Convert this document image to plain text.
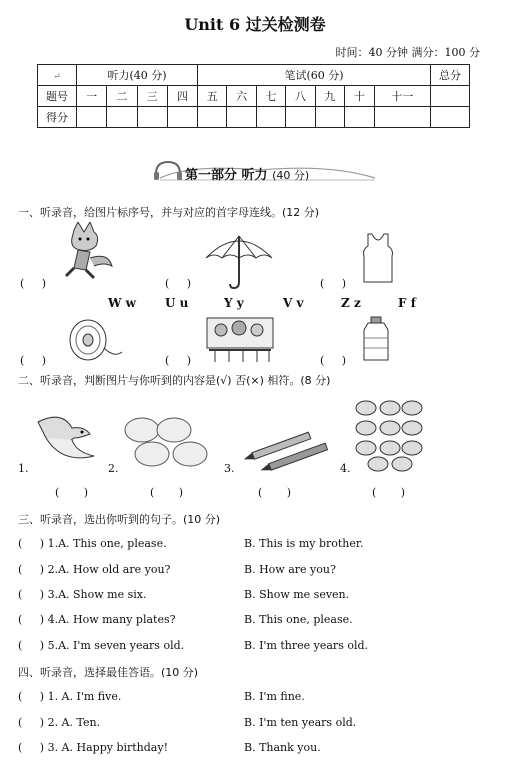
Unit 6 过关检测卷
时间：40 分钟 满分：100 分
↵	听力(40 分)				笔试(60 分)							总分
题号	一	二	三	四	五	六	七	八	九	十	十一	
得分												
第一部分 听力 (40 分)
一、听录音，给图片标序号，并与对应的首字母连线。(12 分)
(     )	(     )	(     )
W w U u	Y y	V v	Z z	F f
(     )	(     )	(     )
二、听录音，判断图片与你听到的内容是(√) 否(×) 相符。(8 分)
1.	2.	3.	4.
(       )	(       )	(       )	(       )
三、听录音，选出你听到的句子。(10 分)
(     ) 1.A. This one, please.	B. This is my brother.
(     ) 2.A. How old are you?	B. How are you?
(     ) 3.A. Show me six.	B. Show me seven.
(     ) 4.A. How many plates?	B. This one, please.
(     ) 5.A. I'm seven years old.	B. I'm three years old.
四、听录音，选择最佳答语。(10 分)
(     ) 1. A. I'm five.	B. I'm fine.
(     ) 2. A. Ten.	B. I'm ten years old.
(     ) 3. A. Happy birthday!	B. Thank you.
